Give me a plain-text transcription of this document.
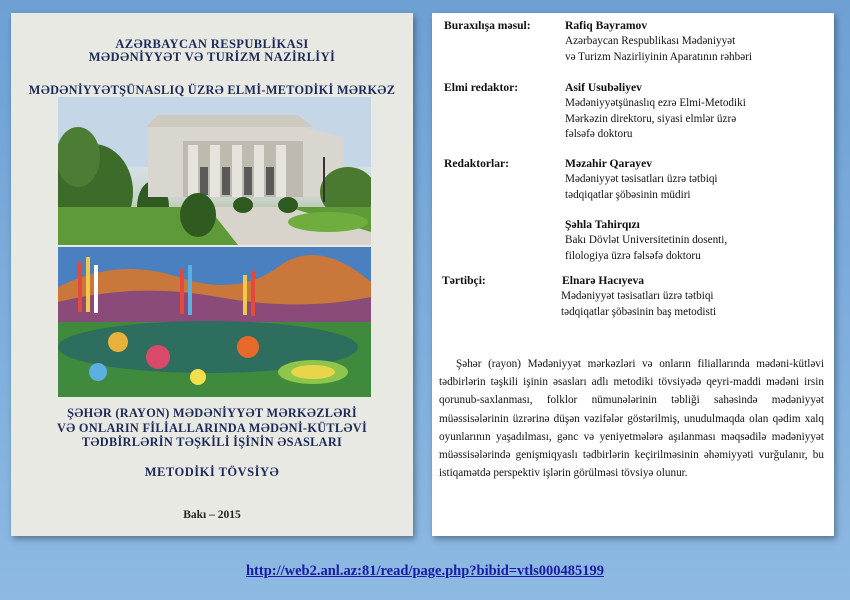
AZƏRBAYCAN RESPUBLİKASI
MƏDƏNİYYƏT VƏ TURİZM NAZİRLİYİ
MƏDƏNİYYƏTŞÜNASLIQ ÜZRƏ ELMİ-METODİKİ MƏRKƏZ
ŞƏHƏR (RAYON) MƏDƏNİYYƏT MƏRKƏZLƏRİ
VƏ ONLARIN FİLİALLARINDA MƏDƏNİ-KÜTLƏVİ
TƏDBİRLƏRİN TƏŞKİLİ İŞİNİN ƏSASLARI
METODİKİ TÖVSİYƏ
Bakı – 2015
Buraxılışa məsul:	Rafiq Bayramov
Azərbaycan Respublikası Mədəniyyət
və Turizm Nazirliyinin Aparatının rəhbəri
Elmi redaktor:	Asif Usubəliyev
Mədəniyyətşünaslıq ezrə Elmi-Metodiki
Mərkəzin direktoru, siyasi elmlər üzrə
fəlsəfə doktoru
Redaktorlar:	Məzahir Qarayev
Mədəniyyət təsisatları üzrə tətbiqi
tədqiqatlar şöbəsinin müdiri
Şəhla Tahirqızı
Bakı Dövlət Universitetinin dosenti,
filologiya üzrə fəlsəfə doktoru
Tərtibçi:	Elnarə Hacıyeva
Mədəniyyət təsisatları üzrə tətbiqi
tədqiqatlar şöbəsinin baş metodisti
Şəhər (rayon) Mədəniyyət mərkəzləri və onların filiallarında mədəni-kütləvi tədbirlərin təşkili işinin əsasları adlı metodiki tövsiyədə qeyri-maddi mədəni irsin qorunub-saxlanması, folklor nümunələrinin təbliği sahəsində mədəniyyət müəssisələrinin üzrərinə düşən vəzifələr göstərilmiş, unudulmaqda olan qədim xalq oyunlarının yaşadılması, gənc və yeniyetmələrə aşılanması məqsədilə mədəniyyət müəssisələrində genişmiqyaslı tədbirlərin keçirilməsinin əhəmiyyəti vurğulanır, bu istiqamətdə perspektiv işlərin görülməsi tövsiyə olunur.
http://web2.anl.az:81/read/page.php?bibid=vtls000485199
